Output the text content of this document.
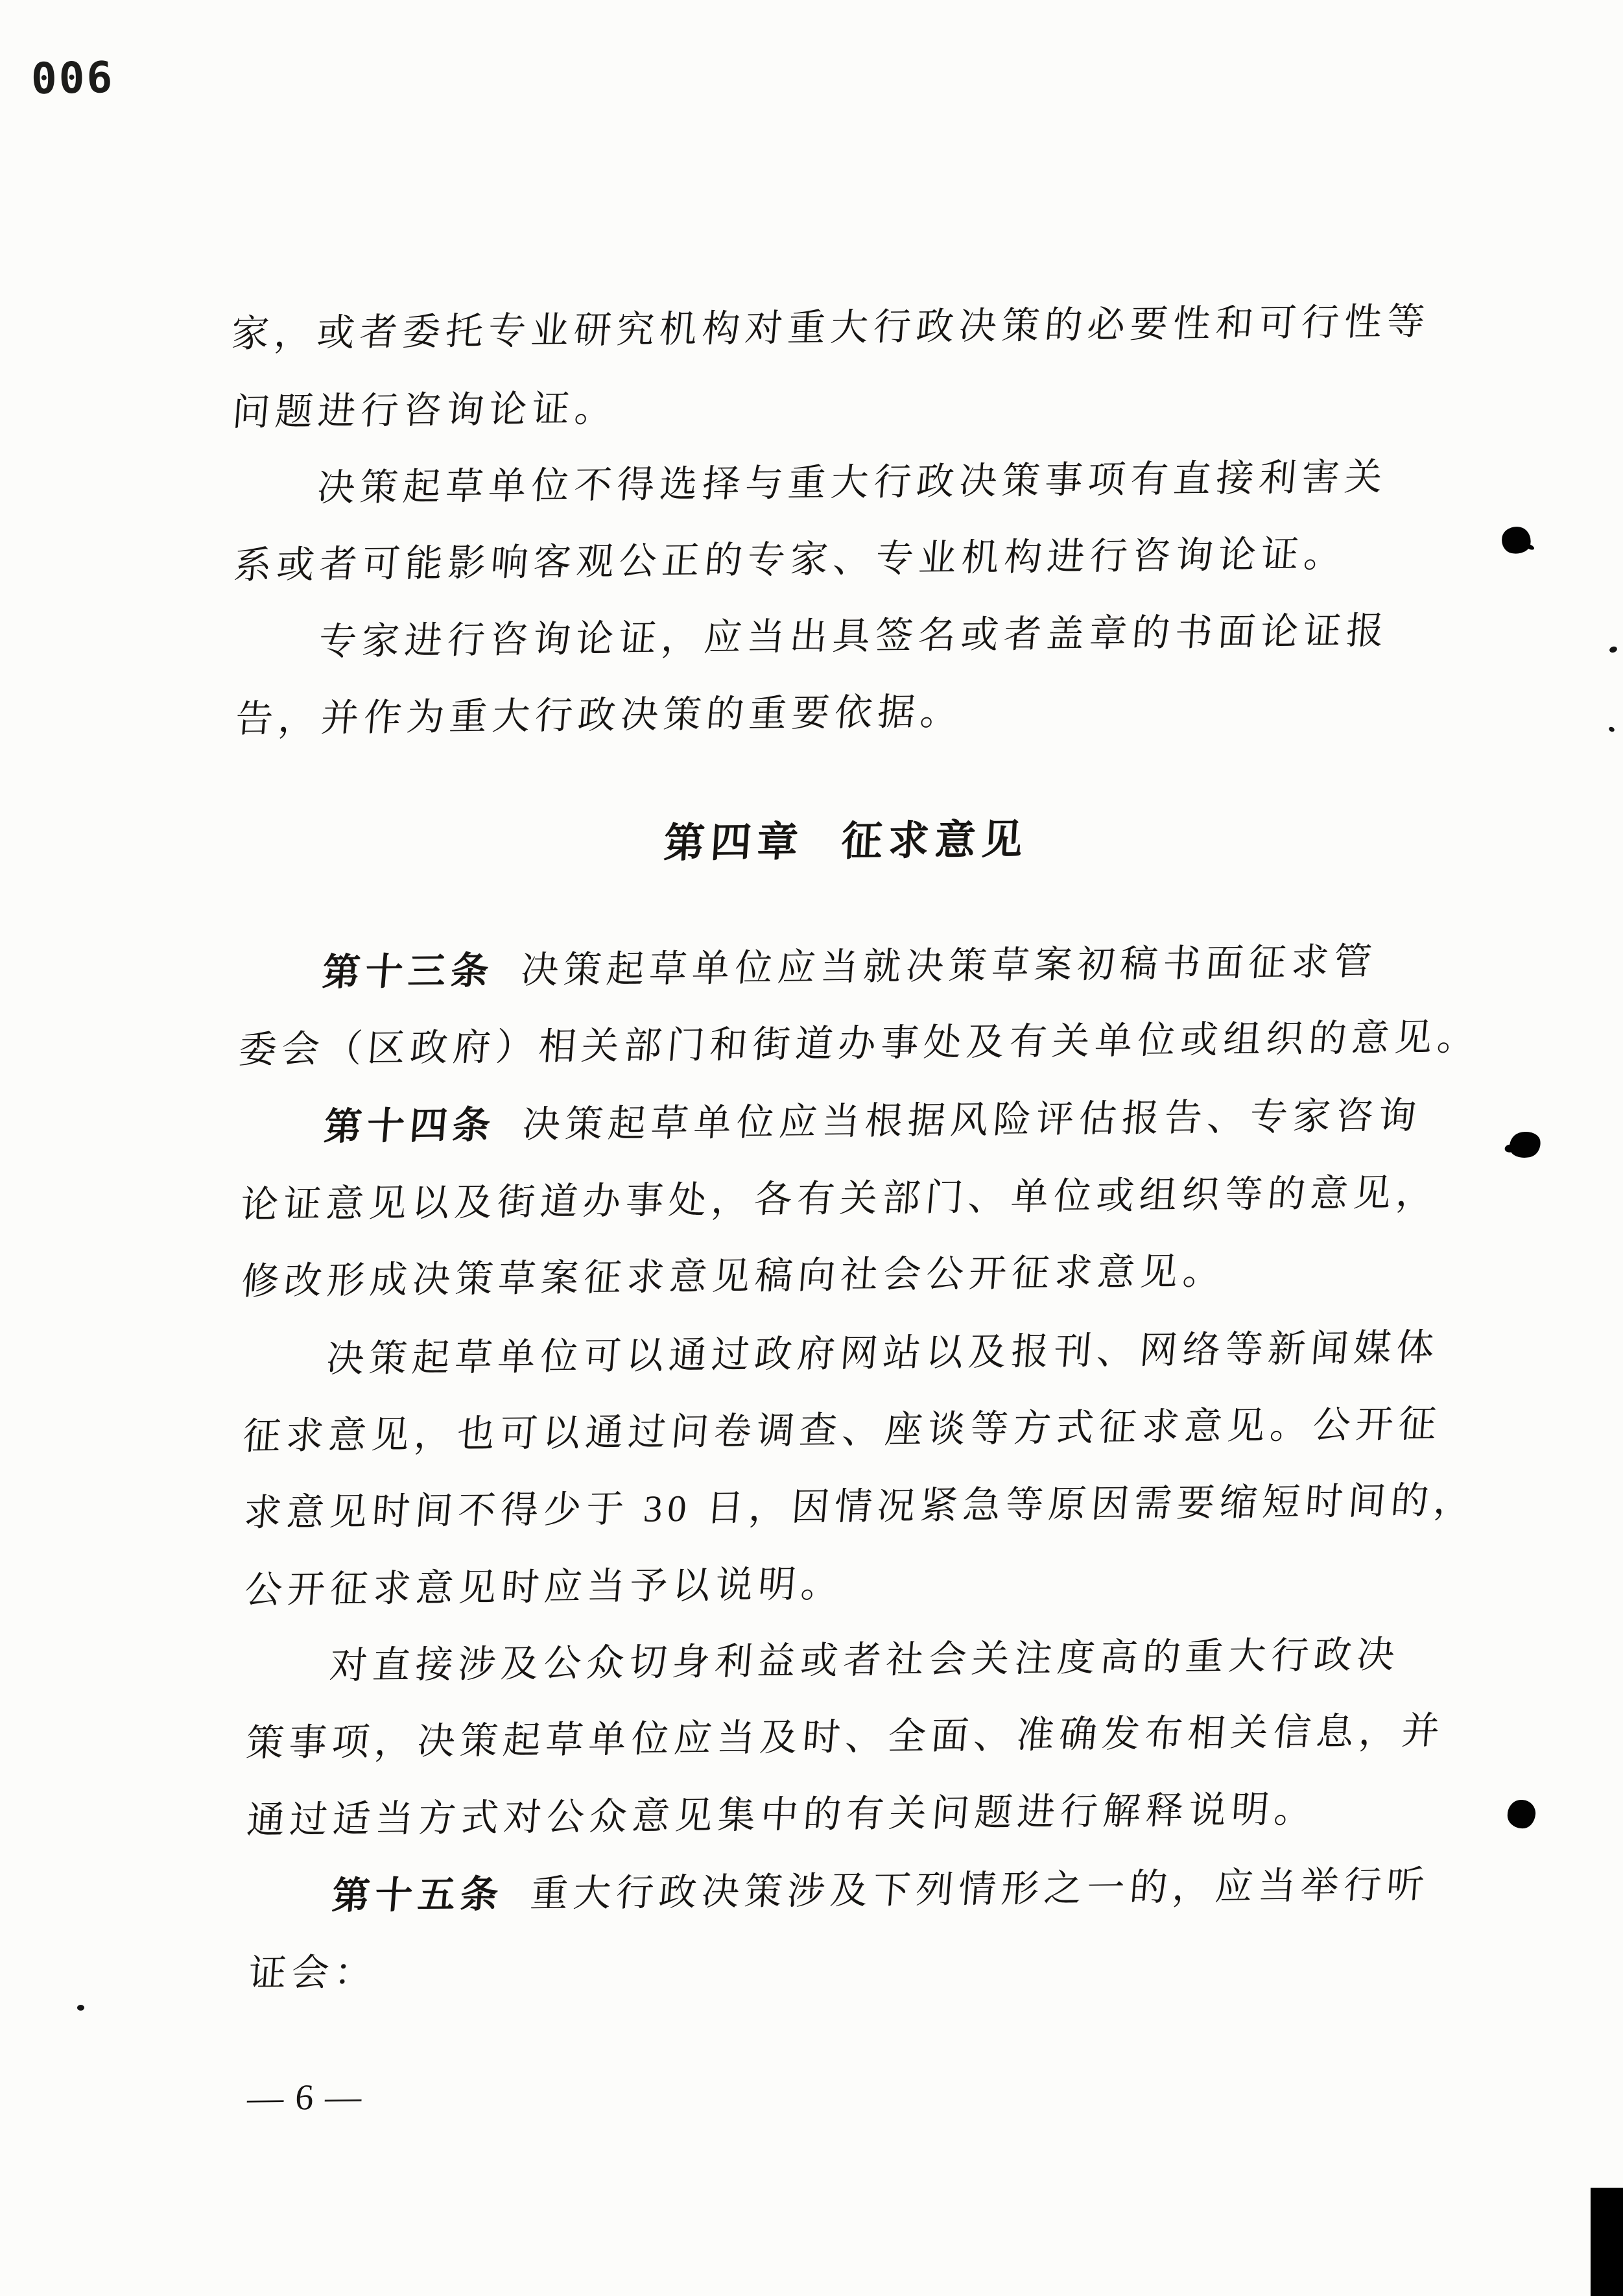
006
家，或者委托专业研究机构对重大行政决策的必要性和可行性等
问题进行咨询论证。
决策起草单位不得选择与重大行政决策事项有直接利害关
系或者可能影响客观公正的专家、专业机构进行咨询论证。
专家进行咨询论证，应当出具签名或者盖章的书面论证报
告，并作为重大行政决策的重要依据。
第四章 征求意见
第十三条 决策起草单位应当就决策草案初稿书面征求管
委会（区政府）相关部门和街道办事处及有关单位或组织的意见。
第十四条 决策起草单位应当根据风险评估报告、专家咨询
论证意见以及街道办事处，各有关部门、单位或组织等的意见，
修改形成决策草案征求意见稿向社会公开征求意见。
决策起草单位可以通过政府网站以及报刊、网络等新闻媒体
征求意见，也可以通过问卷调查、座谈等方式征求意见。公开征
求意见时间不得少于 30 日，因情况紧急等原因需要缩短时间的，
公开征求意见时应当予以说明。
对直接涉及公众切身利益或者社会关注度高的重大行政决
策事项，决策起草单位应当及时、全面、准确发布相关信息，并
通过适当方式对公众意见集中的有关问题进行解释说明。
第十五条 重大行政决策涉及下列情形之一的，应当举行听
证会：
— 6 —
